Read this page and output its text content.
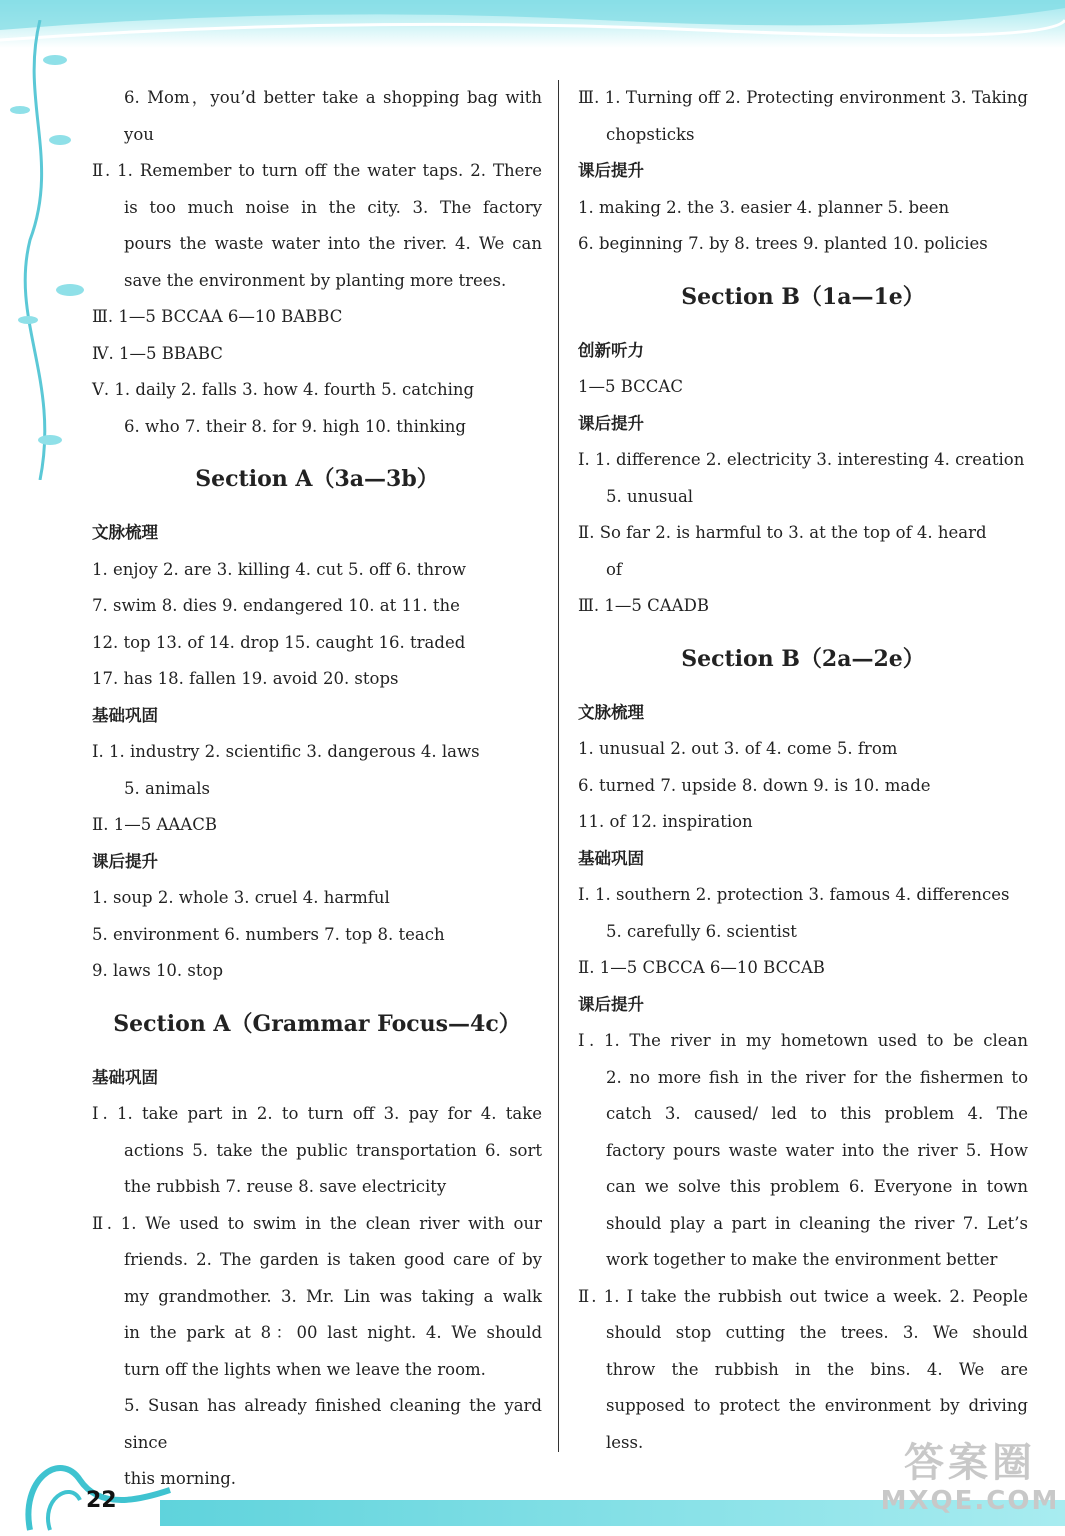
22
答案圈
MXQE.COM
6. Mom，you’d better take a shopping bag with
you
Ⅱ. 1. Remember to turn off the water taps. 2. There
is too much noise in the city. 3. The factory
pours the waste water into the river. 4. We can
save the environment by planting more trees.
Ⅲ. 1—5 BCCAA 6—10 BABBC
Ⅳ. 1—5 BBABC
Ⅴ. 1. daily 2. falls 3. how 4. fourth 5. catching
6. who 7. their 8. for 9. high 10. thinking
Section A（3a—3b）
文脉梳理
1. enjoy 2. are 3. killing 4. cut 5. off 6. throw
7. swim 8. dies 9. endangered 10. at 11. the
12. top 13. of 14. drop 15. caught 16. traded
17. has 18. fallen 19. avoid 20. stops
基础巩固
Ⅰ. 1. industry 2. scientific 3. dangerous 4. laws
5. animals
Ⅱ. 1—5 AAACB
课后提升
1. soup 2. whole 3. cruel 4. harmful
5. environment 6. numbers 7. top 8. teach
9. laws 10. stop
Section A（Grammar Focus—4c）
基础巩固
Ⅰ. 1. take part in 2. to turn off 3. pay for 4. take
actions 5. take the public transportation 6. sort
the rubbish 7. reuse 8. save electricity
Ⅱ. 1. We used to swim in the clean river with our
friends. 2. The garden is taken good care of by
my grandmother. 3. Mr. Lin was taking a walk
in the park at 8：00 last night. 4. We should
turn off the lights when we leave the room.
5. Susan has already finished cleaning the yard since
this morning.
Ⅲ. 1. Turning off 2. Protecting environment 3. Taking
chopsticks
课后提升
1. making 2. the 3. easier 4. planner 5. been
6. beginning 7. by 8. trees 9. planted 10. policies
Section B（1a—1e）
创新听力
1—5 BCCAC
课后提升
Ⅰ. 1. difference 2. electricity 3. interesting 4. creation
5. unusual
Ⅱ. So far 2. is harmful to 3. at the top of 4. heard
of
Ⅲ. 1—5 CAADB
Section B（2a—2e）
文脉梳理
1. unusual 2. out 3. of 4. come 5. from
6. turned 7. upside 8. down 9. is 10. made
11. of 12. inspiration
基础巩固
Ⅰ. 1. southern 2. protection 3. famous 4. differences
5. carefully 6. scientist
Ⅱ. 1—5 CBCCA 6—10 BCCAB
课后提升
Ⅰ. 1. The river in my hometown used to be clean
2. no more fish in the river for the fishermen to
catch 3. caused/ led to this problem 4. The
factory pours waste water into the river 5. How
can we solve this problem 6. Everyone in town
should play a part in cleaning the river 7. Let’s
work together to make the environment better
Ⅱ. 1. I take the rubbish out twice a week. 2. People
should stop cutting the trees. 3. We should
throw the rubbish in the bins. 4. We are
supposed to protect the environment by driving
less.
